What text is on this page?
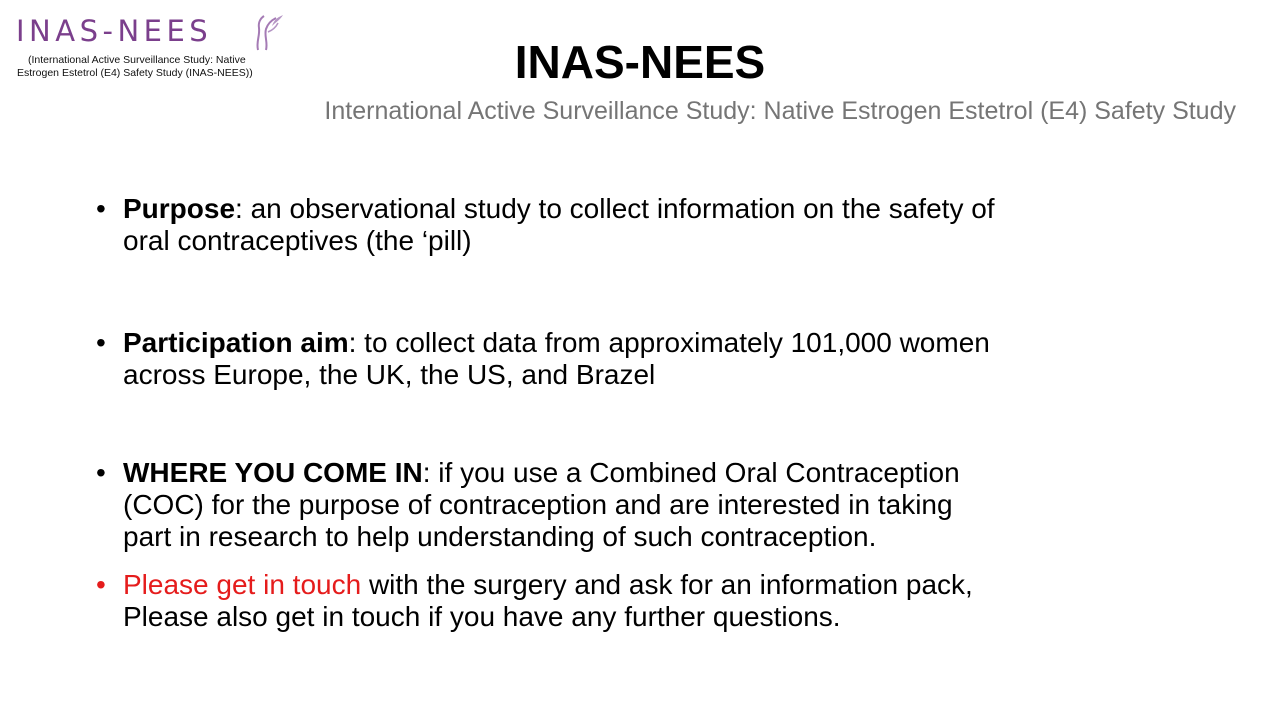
INAS-NEES
(International Active Surveillance Study: Native
Estrogen Estetrol (E4) Safety Study (INAS-NEES))	INAS-NEES
International Active Surveillance Study: Native Estrogen Estetrol (E4) Safety Study
• Purpose: an observational study to collect information on the safety of
oral contraceptives (the ‘pill)
• Participation aim: to collect data from approximately 101,000 women
across Europe, the UK, the US, and Brazel
• WHERE YOU COME IN: if you use a Combined Oral Contraception
(COC) for the purpose of contraception and are interested in taking
part in research to help understanding of such contraception.
• Please get in touch with the surgery and ask for an information pack,
Please also get in touch if you have any further questions.
